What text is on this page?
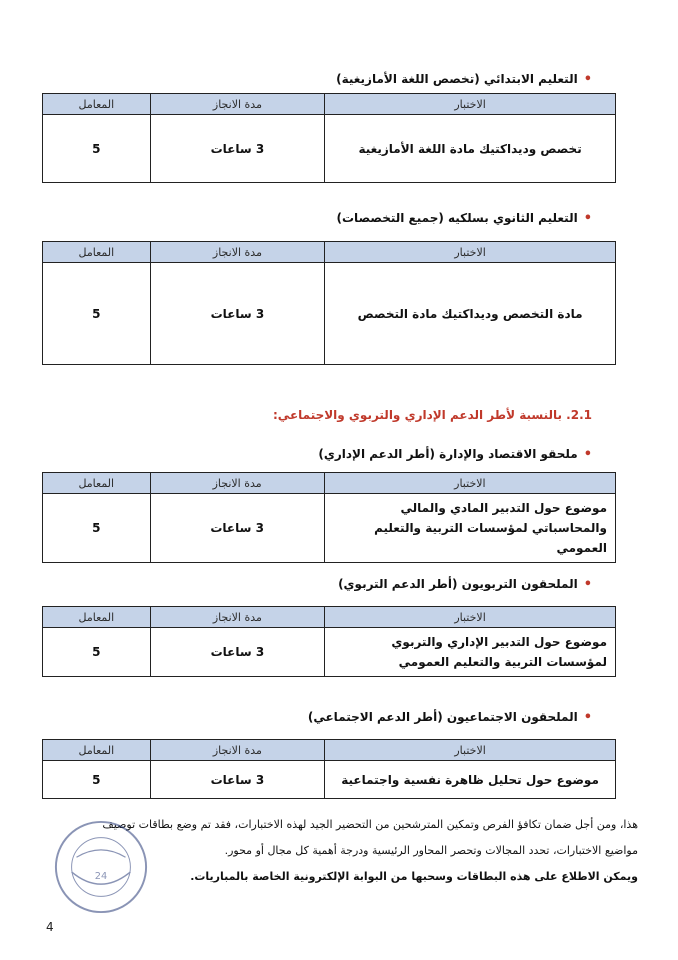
•التعليم الابتدائي (تخصص اللغة الأمازيغية)
الاختبار	مدة الانجاز	المعامل
تخصص وديداكتيك مادة اللغة الأمازيغية	3 ساعات	5
•التعليم الثانوي بسلكيه (جميع التخصصات)
الاختبار	مدة الانجاز	المعامل
مادة التخصص وديداكتيك مادة التخصص	3 ساعات	5
2.1. بالنسبة لأطر الدعم الإداري والتربوي والاجتماعي:
•ملحقو الاقتصاد والإدارة (أطر الدعم الإداري)
الاختبار	مدة الانجاز	المعامل
موضوع حول التدبير المادي والمالي والمحاسباتي لمؤسسات التربية والتعليم العمومي	3 ساعات	5
•الملحقون التربويون (أطر الدعم التربوي)
الاختبار	مدة الانجاز	المعامل
موضوع حول التدبير الإداري والتربوي لمؤسسات التربية والتعليم العمومي	3 ساعات	5
•الملحقون الاجتماعيون (أطر الدعم الاجتماعي)
الاختبار	مدة الانجاز	المعامل
موضوع حول تحليل ظاهرة نفسية واجتماعية	3 ساعات	5

هذا، ومن أجل ضمان تكافؤ الفرص وتمكين المترشحين من التحضير الجيد لهذه الاختبارات، فقد تم وضع بطاقات توصيف

مواضيع الاختبارات، تحدد المجالات وتحصر المحاور الرئيسية ودرجة أهمية كل مجال أو محور.

ويمكن الاطلاع على هذه البطاقات وسحبها من البوابة الإلكترونية الخاصة بالمباريات.

24
4
